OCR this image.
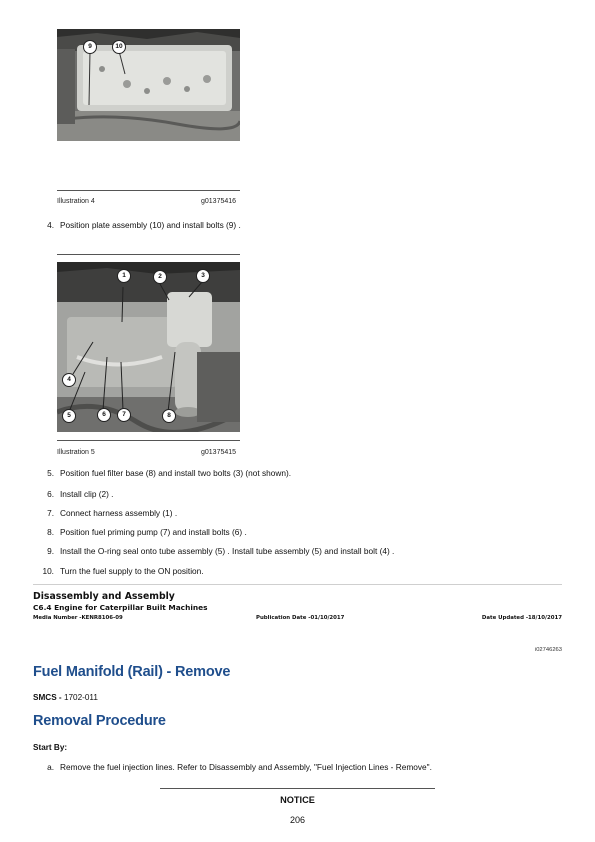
9	10
Illustration 4	g01375416
4. Position plate assembly (10) and install bolts (9) .
1	2	3
4
5	6	7	8
Illustration 5	g01375415
5. Position fuel filter base (8) and install two bolts (3) (not shown).
6. Install clip (2) .
7. Connect harness assembly (1) .
8. Position fuel priming pump (7) and install bolts (6) .
9. Install the O-ring seal onto tube assembly (5) . Install tube assembly (5) and install bolt (4) .
10. Turn the fuel supply to the ON position.
Disassembly and Assembly
C6.4 Engine for Caterpillar Built Machines
Media Number -KENR8106-09	Publication Date -01/10/2017	Date Updated -18/10/2017
i02746263
Fuel Manifold (Rail) - Remove
SMCS - 1702-011
Removal Procedure
Start By:
a. Remove the fuel injection lines. Refer to Disassembly and Assembly, "Fuel Injection Lines - Remove".
NOTICE
206
